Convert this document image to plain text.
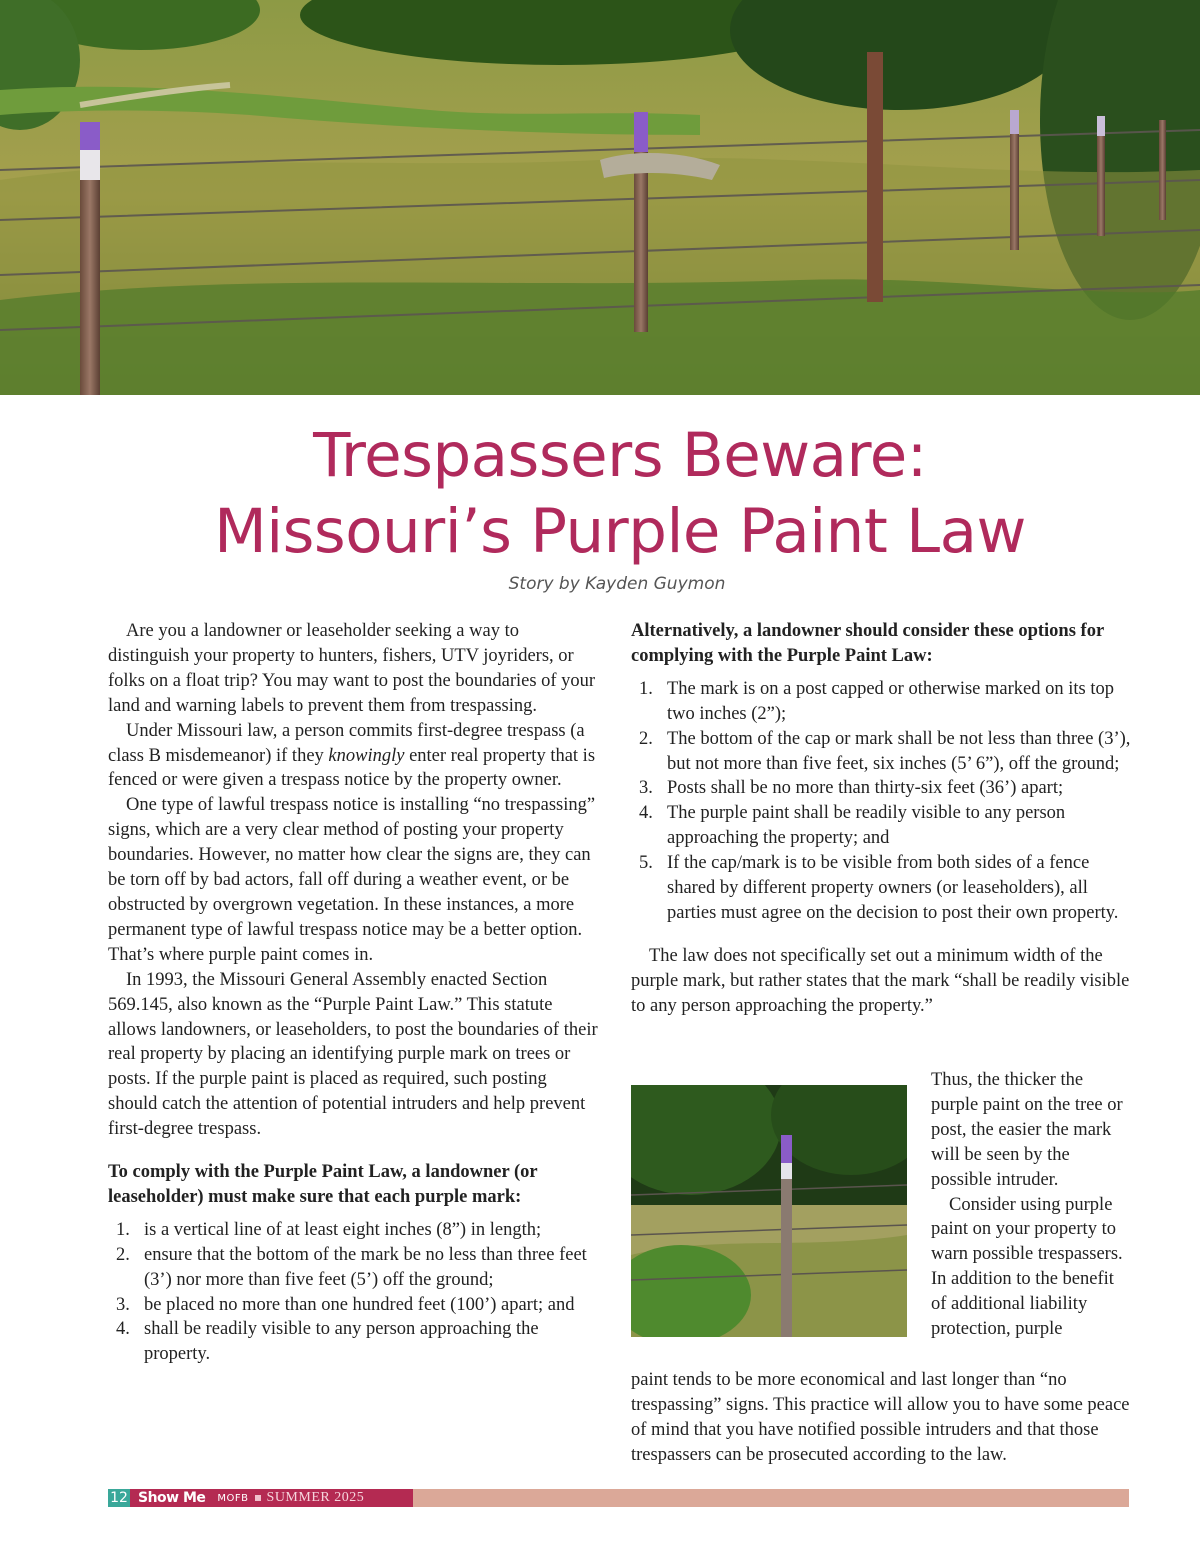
Trespassers Beware:
Missouri’s Purple Paint Law
Story by Kayden Guymon

Are you a landowner or leaseholder seeking a way to distinguish your property to hunters, fishers, UTV joyriders, or folks on a float trip? You may want to post the boundaries of your land and warning labels to prevent them from trespassing.

Under Missouri law, a person commits first-degree trespass (a class B misdemeanor) if they knowingly enter real property that is fenced or were given a trespass notice by the property owner.

One type of lawful trespass notice is installing “no trespassing” signs, which are a very clear method of posting your property boundaries. However, no matter how clear the signs are, they can be torn off by bad actors, fall off during a weather event, or be obstructed by overgrown vegetation. In these instances, a more permanent type of lawful trespass notice may be a better option. That’s where purple paint comes in.

In 1993, the Missouri General Assembly enacted Section 569.145, also known as the “Purple Paint Law.” This statute allows landowners, or leaseholders, to post the boundaries of their real property by placing an identifying purple mark on trees or posts. If the purple paint is placed as required, such posting should catch the attention of potential intruders and help prevent first-degree trespass.

To comply with the Purple Paint Law, a landowner (or leaseholder) must make sure that each purple mark:

1. is a vertical line of at least eight inches (8”) in length;
2. ensure that the bottom of the mark be no less than three feet (3’) nor more than five feet (5’) off the ground;
3. be placed no more than one hundred feet (100’) apart; and
4. shall be readily visible to any person approaching the property.

Alternatively, a landowner should consider these options for complying with the Purple Paint Law:

1. The mark is on a post capped or otherwise marked on its top two inches (2”);
2. The bottom of the cap or mark shall be not less than three (3’), but not more than five feet, six inches (5’ 6”), off the ground;
3. Posts shall be no more than thirty-six feet (36’) apart;
4. The purple paint shall be readily visible to any person approaching the property; and
5. If the cap/mark is to be visible from both sides of a fence shared by different property owners (or leaseholders), all parties must agree on the decision to post their own property.

The law does not specifically set out a minimum width of the purple mark, but rather states that the mark “shall be readily visible to any person approaching the property.”

Thus, the thicker the purple paint on the tree or post, the easier the mark will be seen by the possible intruder.
Consider using purple paint on your property to warn possible trespassers. In addition to the benefit of additional liability protection, purple

12 Show Me MOFB SUMMER 2025
paint tends to be more economical and last longer than “no trespassing” signs. This practice will allow you to have some peace of mind that you have notified possible intruders and that those trespassers can be prosecuted according to the law.
